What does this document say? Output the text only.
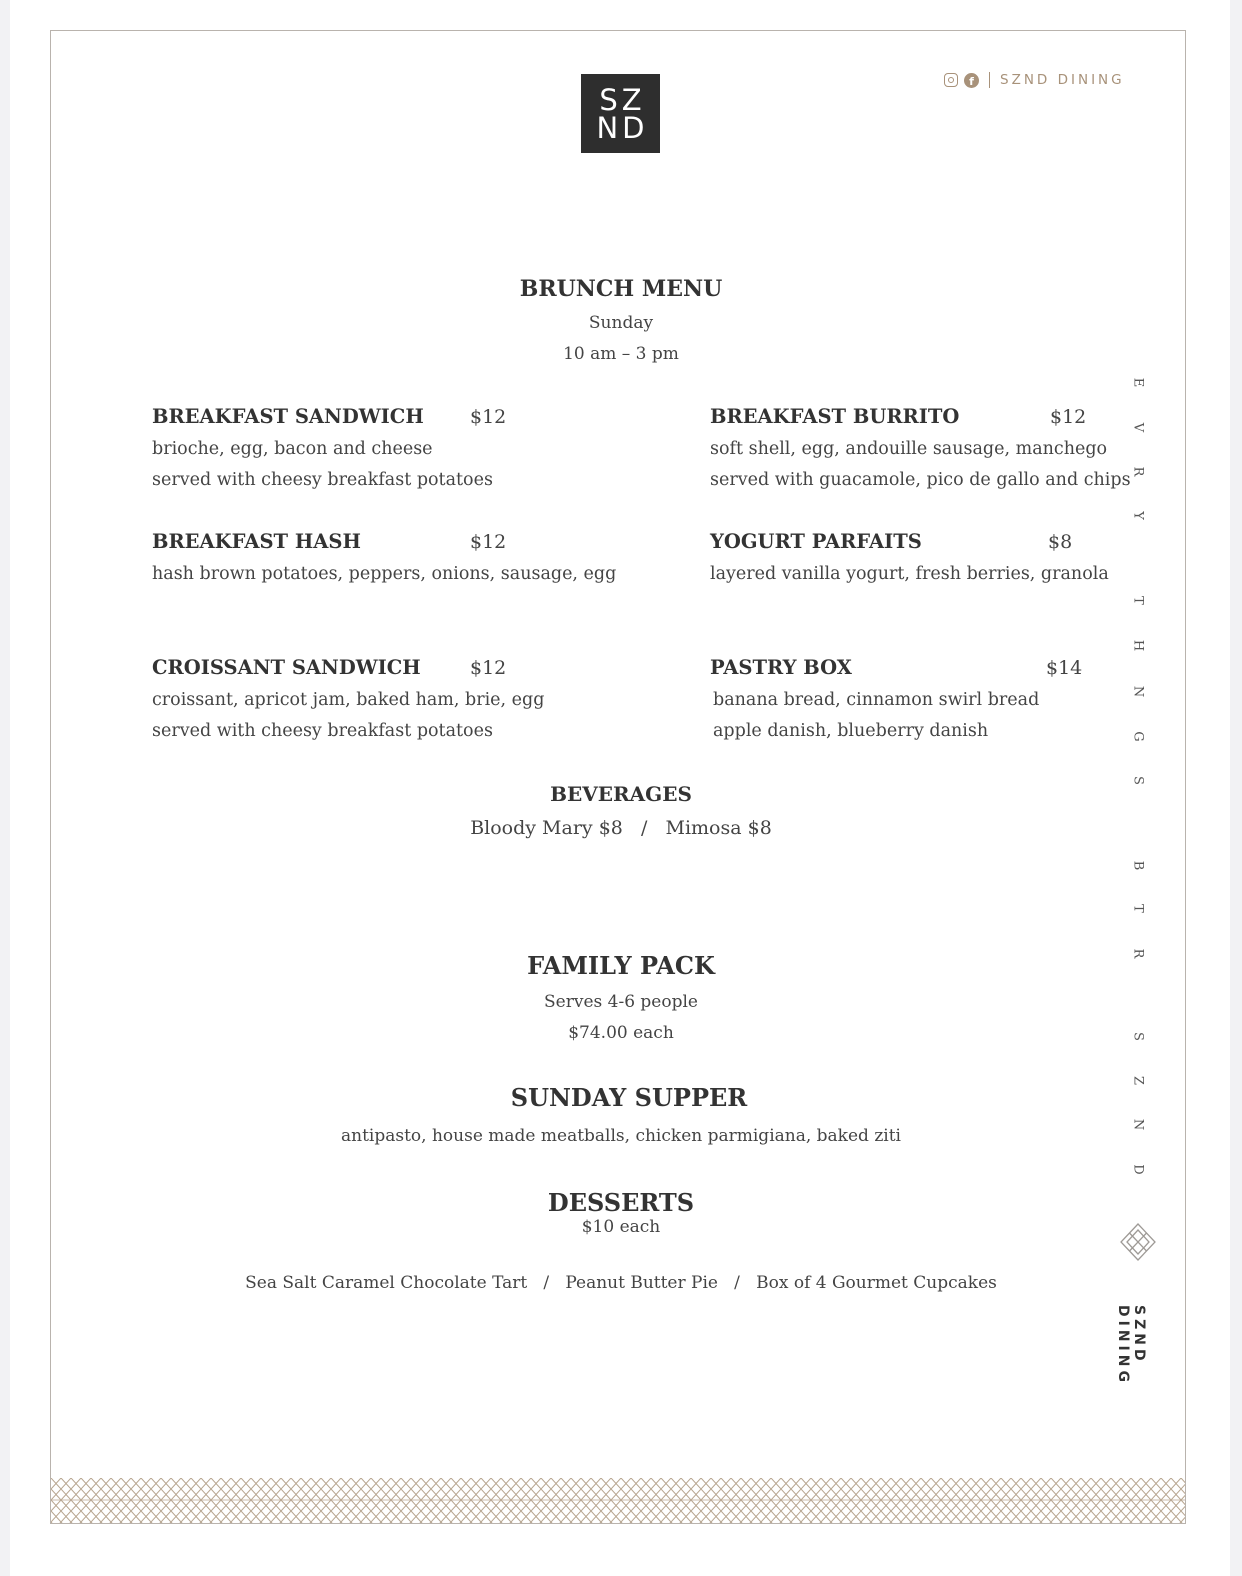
SZ
ND
f	SZND DINING
BRUNCH MENU
Sunday
10 am – 3 pm
BREAKFAST SANDWICH $12
brioche, egg, bacon and cheese
served with cheesy breakfast potatoes
BREAKFAST BURRITO	$12
soft shell, egg, andouille sausage, manchego
served with guacamole, pico de gallo and chips
BREAKFAST HASH	$12
hash brown potatoes, peppers, onions, sausage, egg
YOGURT PARFAITS	$8
layered vanilla yogurt, fresh berries, granola
CROISSANT SANDWICH	$12
croissant, apricot jam, baked ham, brie, egg
served with cheesy breakfast potatoes
PASTRY BOX	$14
banana bread, cinnamon swirl bread
apple danish, blueberry danish
BEVERAGES
Bloody Mary $8   /   Mimosa $8
FAMILY PACK
Serves 4-6 people
$74.00 each
SUNDAY SUPPER
antipasto, house made meatballs, chicken parmigiana, baked ziti
DESSERTS
$10 each
Sea Salt Caramel Chocolate Tart   /   Peanut Butter Pie   /   Box of 4 Gourmet Cupcakes
E
V
R
Y
T
H
N
G
S
B
T
R
S
Z
N
D
SZND DINING
